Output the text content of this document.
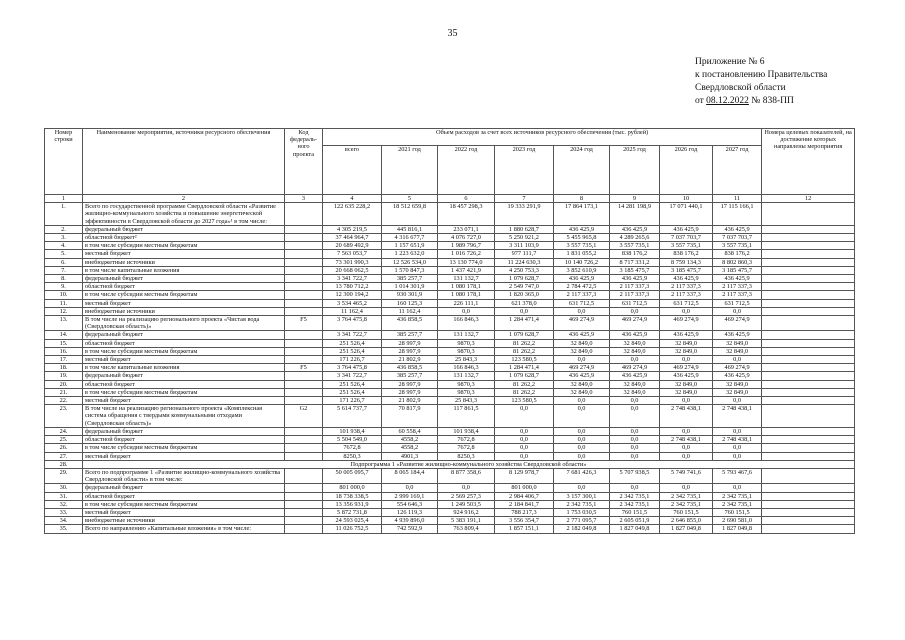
35
Приложение № 6
к постановлению Правительства
Свердловской области
от 08.12.2022 № 838-ПП
Номер строки	Наименование мероприятия, источники ресурсного обеспечения	Код федераль-ного проекта	Объем расходов за счет всех источников ресурсного обеспечения (тыс. рублей)								Номера целевых показателей, на достижение которых направлены мероприятия
			всего	2021 год	2022 год	2023 год	2024 год	2025 год	2026 год	2027 год	
1	2	3	4	5	6	7	8	9	10	11	12
1.	Всего по государственной программе Свердловской области «Развитие жилищно-коммунального хозяйства и повышение энергетической эффективности в Свердловской области до 2027 года»¹ в том числе:		122 635 228,2	18 512 659,8	18 457 298,3	19 333 291,9	17 864 173,1	14 281 198,9	17 071 440,1	17 115 166,1	
2.	федеральный бюджет		4 305 219,5	445 816,1	233 071,1	1 880 628,7	436 425,9	436 425,9	436 425,9	436 425,9	
3.	областной бюджет²		37 464 964,7	4 316 677,7	4 076 727,0	5 250 921,2	5 455 965,8	4 289 265,6	7 037 703,7	7 037 703,7	
4.	в том числе субсидии местным бюджетам		20 689 492,9	1 157 651,9	1 989 796,7	3 311 103,9	3 557 735,1	3 557 735,1	3 557 735,1	3 557 735,1	
5.	местный бюджет		7 563 053,7	1 223 632,0	1 016 726,2	977 111,7	1 831 055,2	838 176,2	838 176,2	838 176,2	
6.	внебюджетные источники		73 301 990,3	12 526 534,0	13 130 774,0	11 224 630,3	10 140 726,2	8 717 331,2	8 759 134,3	8 802 860,3	
7.	в том числе капитальные вложения		20 668 062,5	1 570 847,3	1 437 421,9	4 250 753,3	3 852 610,9	3 185 475,7	3 185 475,7	3 185 475,7	
8.	федеральный бюджет		3 341 722,7	385 257,7	131 132,7	1 079 628,7	436 425,9	436 425,9	436 425,9	436 425,9	
9.	областной бюджет		13 780 712,2	1 014 301,9	1 080 178,1	2 549 747,0	2 784 472,5	2 117 337,3	2 117 337,3	2 117 337,3	
10.	в том числе субсидии местным бюджетам		12 300 194,2	930 301,9	1 080 178,1	1 820 365,0	2 117 337,3	2 117 337,3	2 117 337,3	2 117 337,3	
11.	местный бюджет		3 534 465,2	160 125,3	226 111,1	621 378,0	631 712,5	631 712,5	631 712,5	631 712,5	
12.	внебюджетные источники		11 162,4	11 162,4	0,0	0,0	0,0	0,0	0,0	0,0	
13.	В том числе на реализацию регионального проекта «Чистая вода (Свердловская область)»	F5	3 764 475,8	436 858,5	166 846,3	1 284 471,4	469 274,9	469 274,9	469 274,9	469 274,9	
14.	федеральный бюджет		3 341 722,7	385 257,7	131 132,7	1 079 628,7	436 425,9	436 425,9	436 425,9	436 425,9	
15.	областной бюджет		251 526,4	28 997,9	9870,3	81 262,2	32 849,0	32 849,0	32 849,0	32 849,0	
16.	в том числе субсидии местным бюджетам		251 526,4	28 997,9	9870,3	81 262,2	32 849,0	32 849,0	32 849,0	32 849,0	
17.	местный бюджет		171 226,7	21 802,9	25 843,3	123 580,5	0,0	0,0	0,0	0,0	
18.	в том числе капитальные вложения	F5	3 764 475,8	436 858,5	166 846,3	1 284 471,4	469 274,9	469 274,9	469 274,9	469 274,9	
19.	федеральный бюджет		3 341 722,7	385 257,7	131 132,7	1 079 628,7	436 425,9	436 425,9	436 425,9	436 425,9	
20.	областной бюджет		251 526,4	28 997,9	9870,3	81 262,2	32 849,0	32 849,0	32 849,0	32 849,0	
21.	в том числе субсидии местным бюджетам		251 526,4	28 997,9	9870,3	81 262,2	32 849,0	32 849,0	32 849,0	32 849,0	
22.	местный бюджет		171 226,7	21 802,9	25 843,3	123 580,5	0,0	0,0	0,0	0,0	
23.	В том числе на реализацию регионального проекта «Комплексная система обращения с твердыми коммунальными отходами (Свердловская область)»	G2	5 614 737,7	70 817,9	117 861,5	0,0	0,0	0,0	2 748 438,1	2 748 438,1	
24.	федеральный бюджет		101 938,4	60 558,4	101 938,4	0,0	0,0	0,0	0,0	0,0	
25.	областной бюджет		5 504 549,0	4558,2	7672,8	0,0	0,0	0,0	2 748 438,1	2 748 438,1	
26.	в том числе субсидии местным бюджетам		7672,8	4558,2	7672,8	0,0	0,0	0,0	0,0	0,0	
27.	местный бюджет		8250,3	4901,3	8250,3	0,0	0,0	0,0	0,0	0,0	
28.	Подпрограмма 1 «Развитие жилищно-коммунального хозяйства Свердловской области»										
29.	Всего по подпрограмме 1 «Развитие жилищно-коммунального хозяйства Свердловской области» в том числе:		50 005 095,7	8 065 184,4	8 877 358,6	8 129 978,7	7 681 426,3	5 707 938,5	5 749 741,6	5 793 467,6	
30.	федеральный бюджет		801 000,0	0,0	0,0	801 000,0	0,0	0,0	0,0	0,0	
31.	областной бюджет		18 738 338,5	2 999 169,1	2 569 257,3	2 984 406,7	3 157 300,1	2 342 735,1	2 342 735,1	2 342 735,1	
32.	в том числе субсидии местным бюджетам		13 356 931,9	554 646,3	1 249 503,5	2 184 841,7	2 342 735,1	2 342 735,1	2 342 735,1	2 342 735,1	
33.	местный бюджет		5 872 731,8	126 119,3	924 916,2	788 217,3	1 753 030,5	760 151,5	760 151,5	760 151,5	
34.	внебюджетные источники		24 593 025,4	4 939 896,0	5 383 191,1	3 556 354,7	2 771 095,7	2 605 051,9	2 646 855,0	2 690 581,0	
35.	Всего по направлению «Капитальные вложения» в том числе:		11 026 752,5	742 592,9	763 809,4	1 857 151,1	2 182 049,8	1 827 049,8	1 827 049,8	1 827 049,8	
